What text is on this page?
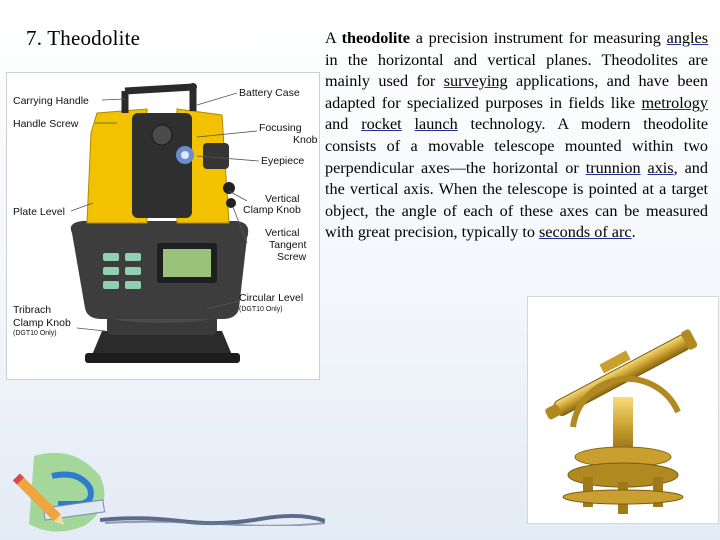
7. Theodolite
Carrying Handle
Handle Screw
Plate Level
Tribrach
Clamp Knob
(DGT10 Only)
Battery Case
Focusing
Knob
Eyepiece
Vertical
Clamp Knob
Vertical
Tangent
Screw
Circular Level
(DGT10 Only)
A theodolite a precision instrument for measuring angles in the horizontal and vertical planes. Theodolites are mainly used for surveying applications, and have been adapted for specialized purposes in fields like metrology and rocket launch technology. A modern theodolite consists of a movable telescope mounted within two perpendicular axes—the horizontal or trunnion axis, and the vertical axis. When the telescope is pointed at a target object, the angle of each of these axes can be measured with great precision, typically to seconds of arc.
